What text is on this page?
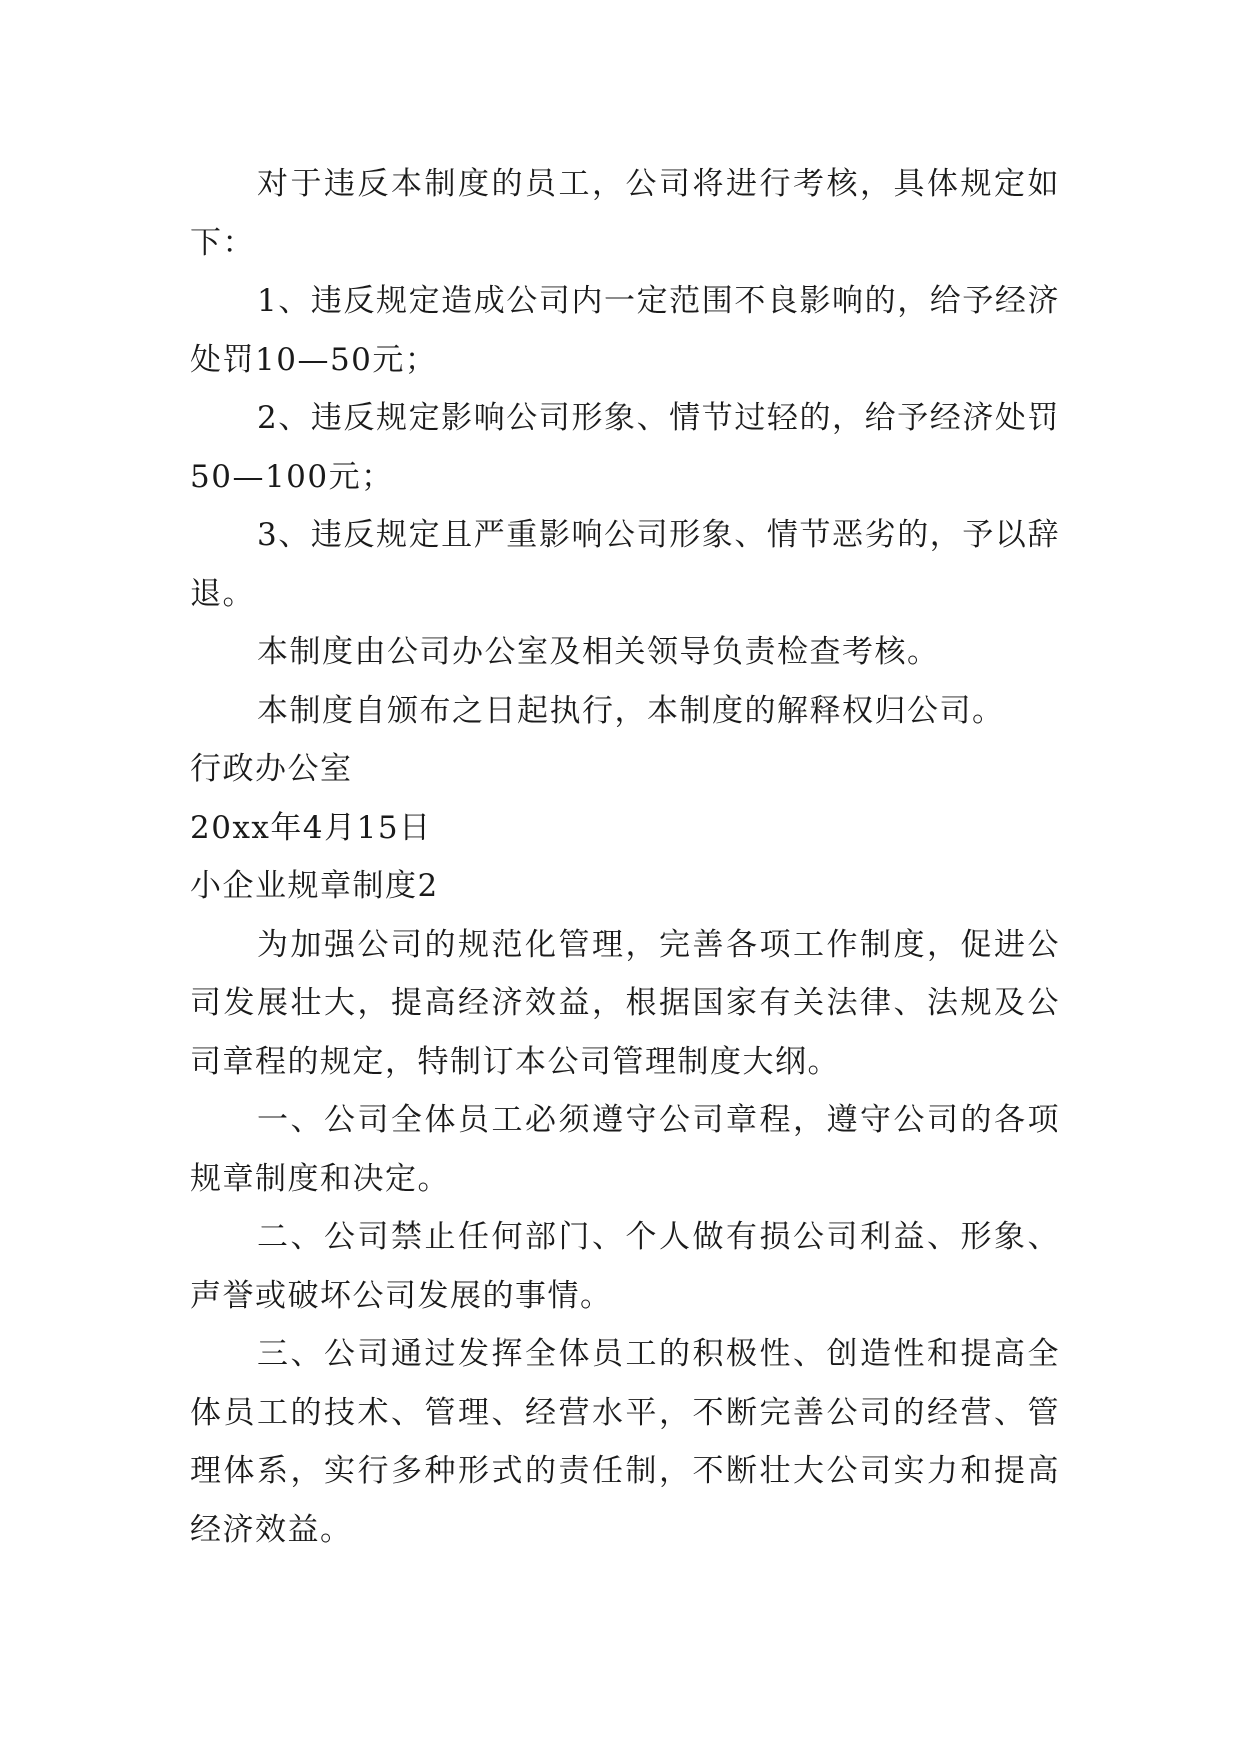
对于违反本制度的员工，公司将进行考核，具体规定如下：

1、违反规定造成公司内一定范围不良影响的，给予经济处罚10—50元；

2、违反规定影响公司形象、情节过轻的，给予经济处罚50—100元；

3、违反规定且严重影响公司形象、情节恶劣的，予以辞退。

本制度由公司办公室及相关领导负责检查考核。

本制度自颁布之日起执行，本制度的解释权归公司。

行政办公室

20xx年4月15日

小企业规章制度2

为加强公司的规范化管理，完善各项工作制度，促进公司发展壮大，提高经济效益，根据国家有关法律、法规及公司章程的规定，特制订本公司管理制度大纲。

一、公司全体员工必须遵守公司章程，遵守公司的各项规章制度和决定。

二、公司禁止任何部门、个人做有损公司利益、形象、声誉或破坏公司发展的事情。

三、公司通过发挥全体员工的积极性、创造性和提高全体员工的技术、管理、经营水平，不断完善公司的经营、管理体系，实行多种形式的责任制，不断壮大公司实力和提高经济效益。
